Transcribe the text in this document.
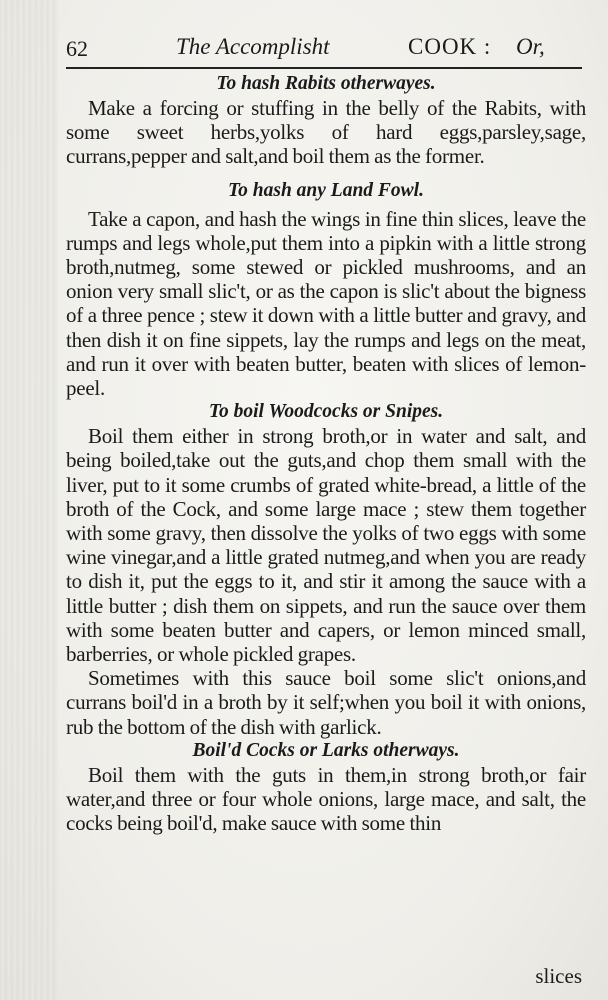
62	The Accomplisht	COOK : Or,
To hash Rabits otherwayes.

Make a forcing or stuffing in the belly of the Rabits, with some sweet herbs,yolks of hard eggs,parsley,sage, currans,pepper and salt,and boil them as the former.

To hash any Land Fowl.

Take a capon, and hash the wings in fine thin slices, leave the rumps and legs whole,put them into a pipkin with a little strong broth,nutmeg, some stewed or pickled mushrooms, and an onion very small slic't, or as the capon is slic't about the bigness of a three pence ; stew it down with a little butter and gravy, and then dish it on fine sippets, lay the rumps and legs on the meat, and run it over with beaten butter, beaten with slices of lemon-peel.

To boil Woodcocks or Snipes.

Boil them either in strong broth,or in water and salt, and being boiled,take out the guts,and chop them small with the liver, put to it some crumbs of grated white-bread, a little of the broth of the Cock, and some large mace ; stew them together with some gravy, then dissolve the yolks of two eggs with some wine vinegar,and a little grated nutmeg,and when you are ready to dish it, put the eggs to it, and stir it among the sauce with a little butter ; dish them on sippets, and run the sauce over them with some beaten butter and capers, or lemon minced small, barberries, or whole pickled grapes.

Sometimes with this sauce boil some slic't onions,and currans boil'd in a broth by it self;when you boil it with onions, rub the bottom of the dish with garlick.

Boil'd Cocks or Larks otherways.

Boil them with the guts in them,in strong broth,or fair water,and three or four whole onions, large mace, and salt, the cocks being boil'd, make sauce with some thin

slices
